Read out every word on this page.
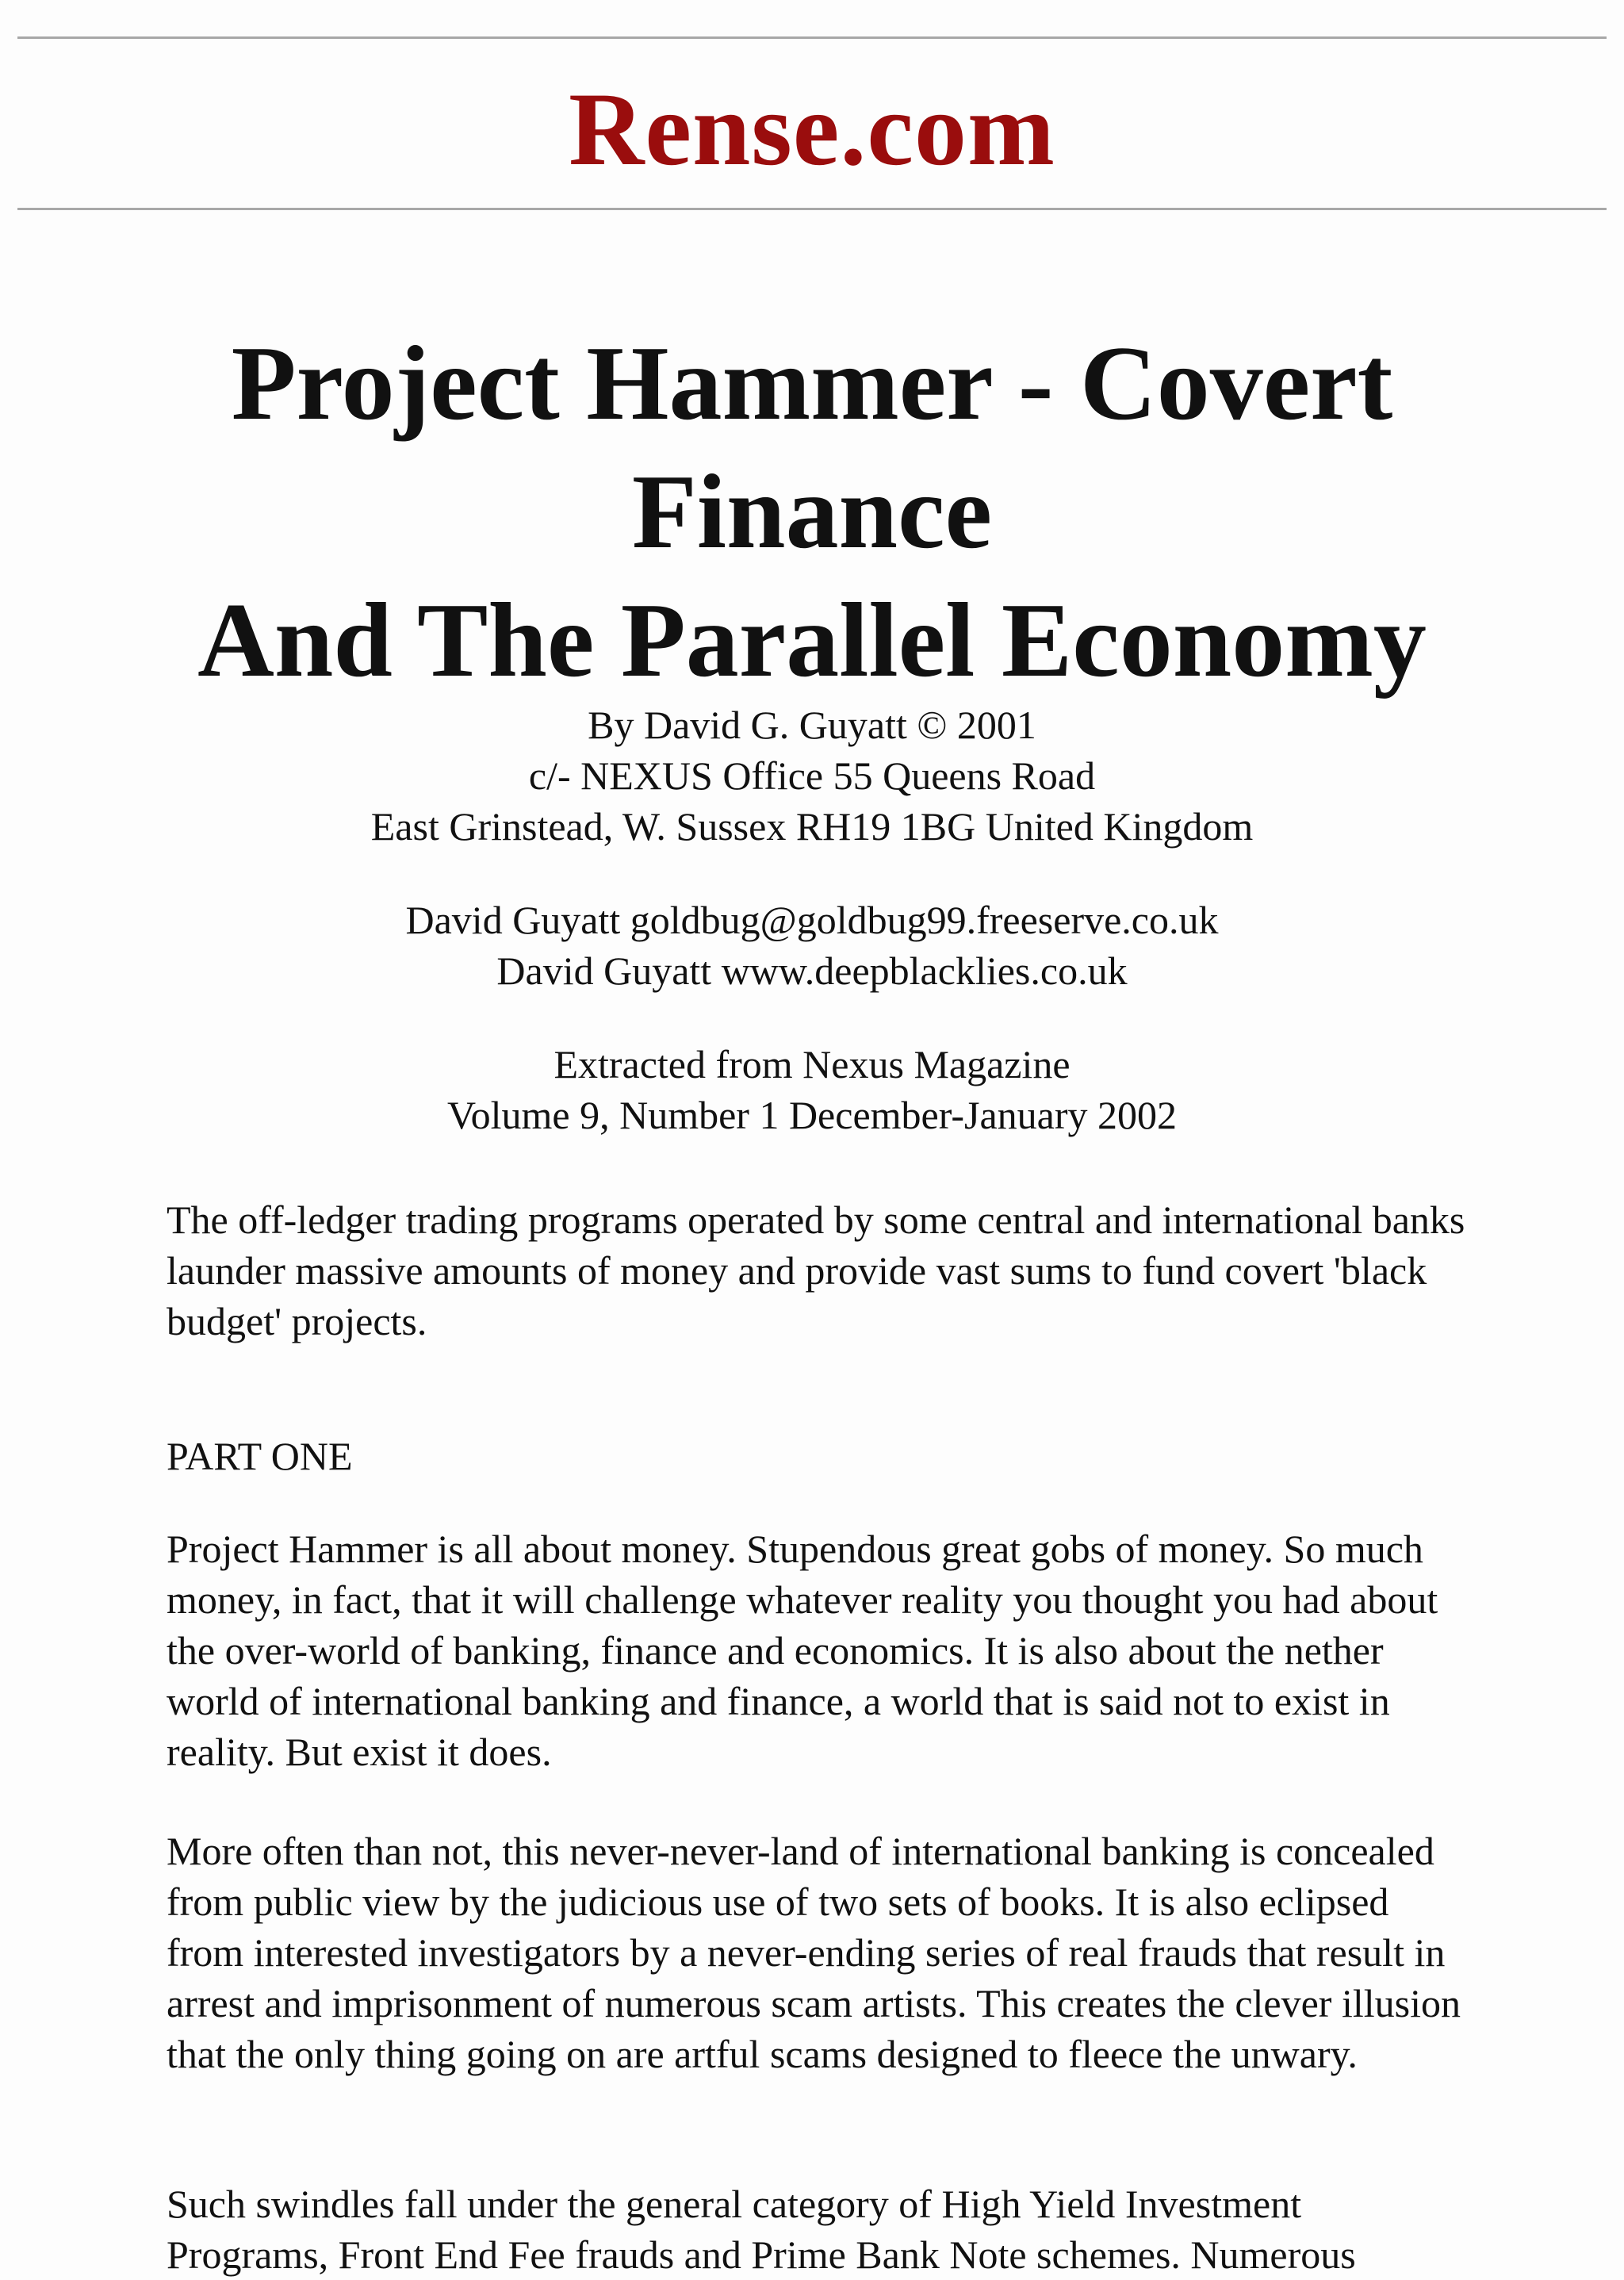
Rense.com
Project Hammer - Covert
Finance
And The Parallel Economy
By David G. Guyatt © 2001
c/- NEXUS Office 55 Queens Road
East Grinstead, W. Sussex RH19 1BG United Kingdom
David Guyatt goldbug@goldbug99.freeserve.co.uk
David Guyatt www.deepblacklies.co.uk
Extracted from Nexus Magazine
Volume 9, Number 1 December-January 2002

The off-ledger trading programs operated by some central and international banks launder massive amounts of money and provide vast sums to fund covert 'black budget' projects.

PART ONE

Project Hammer is all about money. Stupendous great gobs of money. So much money, in fact, that it will challenge whatever reality you thought you had about the over-world of banking, finance and economics. It is also about the nether world of international banking and finance, a world that is said not to exist in reality. But exist it does.

More often than not, this never-never-land of international banking is concealed from public view by the judicious use of two sets of books. It is also eclipsed from interested investigators by a never-ending series of real frauds that result in arrest and imprisonment of numerous scam artists. This creates the clever illusion that the only thing going on are artful scams designed to fleece the unwary.

Such swindles fall under the general category of High Yield Investment Programs, Front End Fee frauds and Prime Bank Note schemes. Numerous
